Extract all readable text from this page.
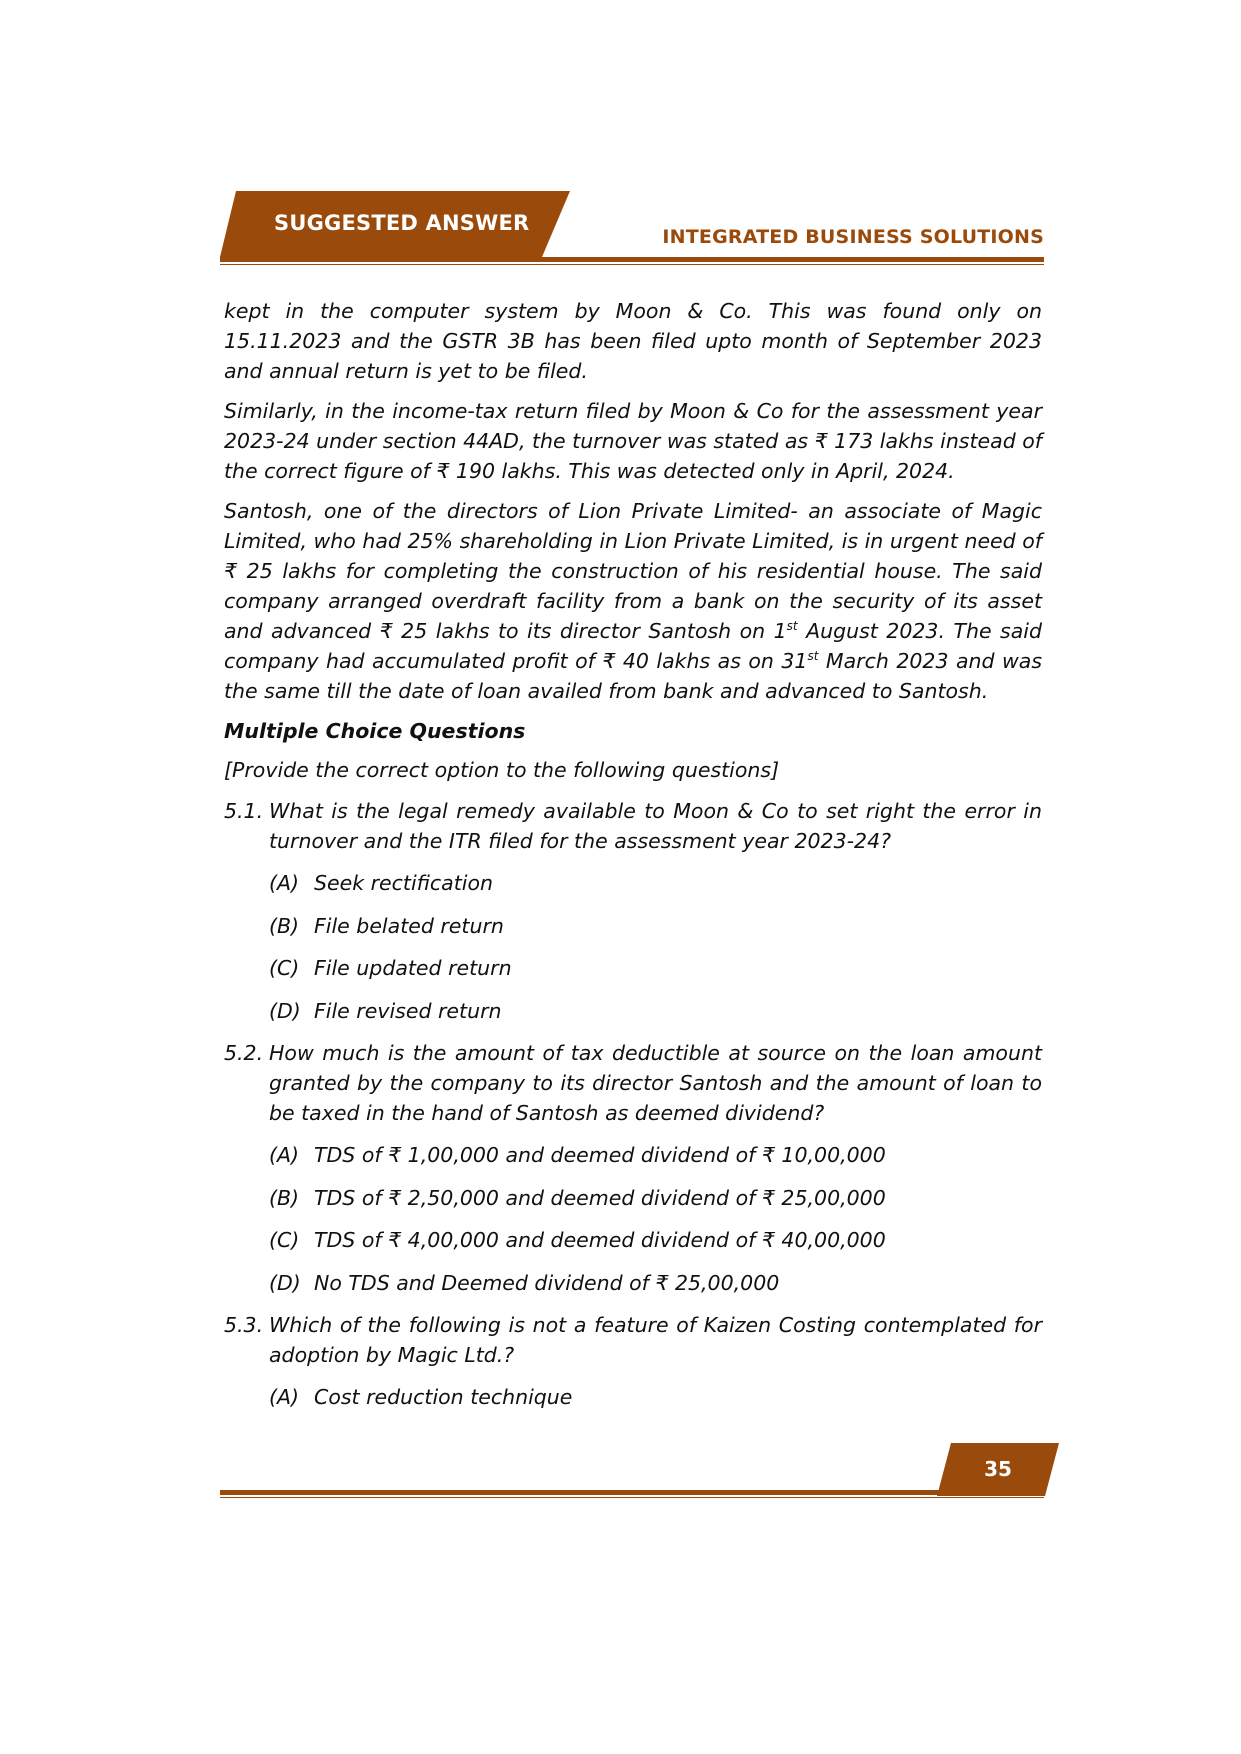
SUGGESTED ANSWER
INTEGRATED BUSINESS SOLUTIONS

kept in the computer system by Moon & Co. This was found only on 15.11.2023 and the GSTR 3B has been filed upto month of September 2023 and annual return is yet to be filed.

Similarly, in the income-tax return filed by Moon & Co for the assessment year 2023-24 under section 44AD, the turnover was stated as ₹ 173 lakhs instead of the correct figure of ₹ 190 lakhs. This was detected only in April, 2024.

Santosh, one of the directors of Lion Private Limited- an associate of Magic Limited, who had 25% shareholding in Lion Private Limited, is in urgent need of ₹ 25 lakhs for completing the construction of his residential house. The said company arranged overdraft facility from a bank on the security of its asset and advanced ₹ 25 lakhs to its director Santosh on 1st August 2023. The said company had accumulated profit of ₹ 40 lakhs as on 31st March 2023 and was the same till the date of loan availed from bank and advanced to Santosh.

Multiple Choice Questions

[Provide the correct option to the following questions]

5.1. What is the legal remedy available to Moon & Co to set right the error in turnover and the ITR filed for the assessment year 2023-24?
(A) Seek rectification
(B) File belated return
(C) File updated return
(D) File revised return
5.2. How much is the amount of tax deductible at source on the loan amount granted by the company to its director Santosh and the amount of loan to be taxed in the hand of Santosh as deemed dividend?
(A) TDS of ₹ 1,00,000 and deemed dividend of ₹ 10,00,000
(B) TDS of ₹ 2,50,000 and deemed dividend of ₹ 25,00,000
(C) TDS of ₹ 4,00,000 and deemed dividend of ₹ 40,00,000
(D) No TDS and Deemed dividend of ₹ 25,00,000
5.3. Which of the following is not a feature of Kaizen Costing contemplated for adoption by Magic Ltd.?
(A) Cost reduction technique
35
